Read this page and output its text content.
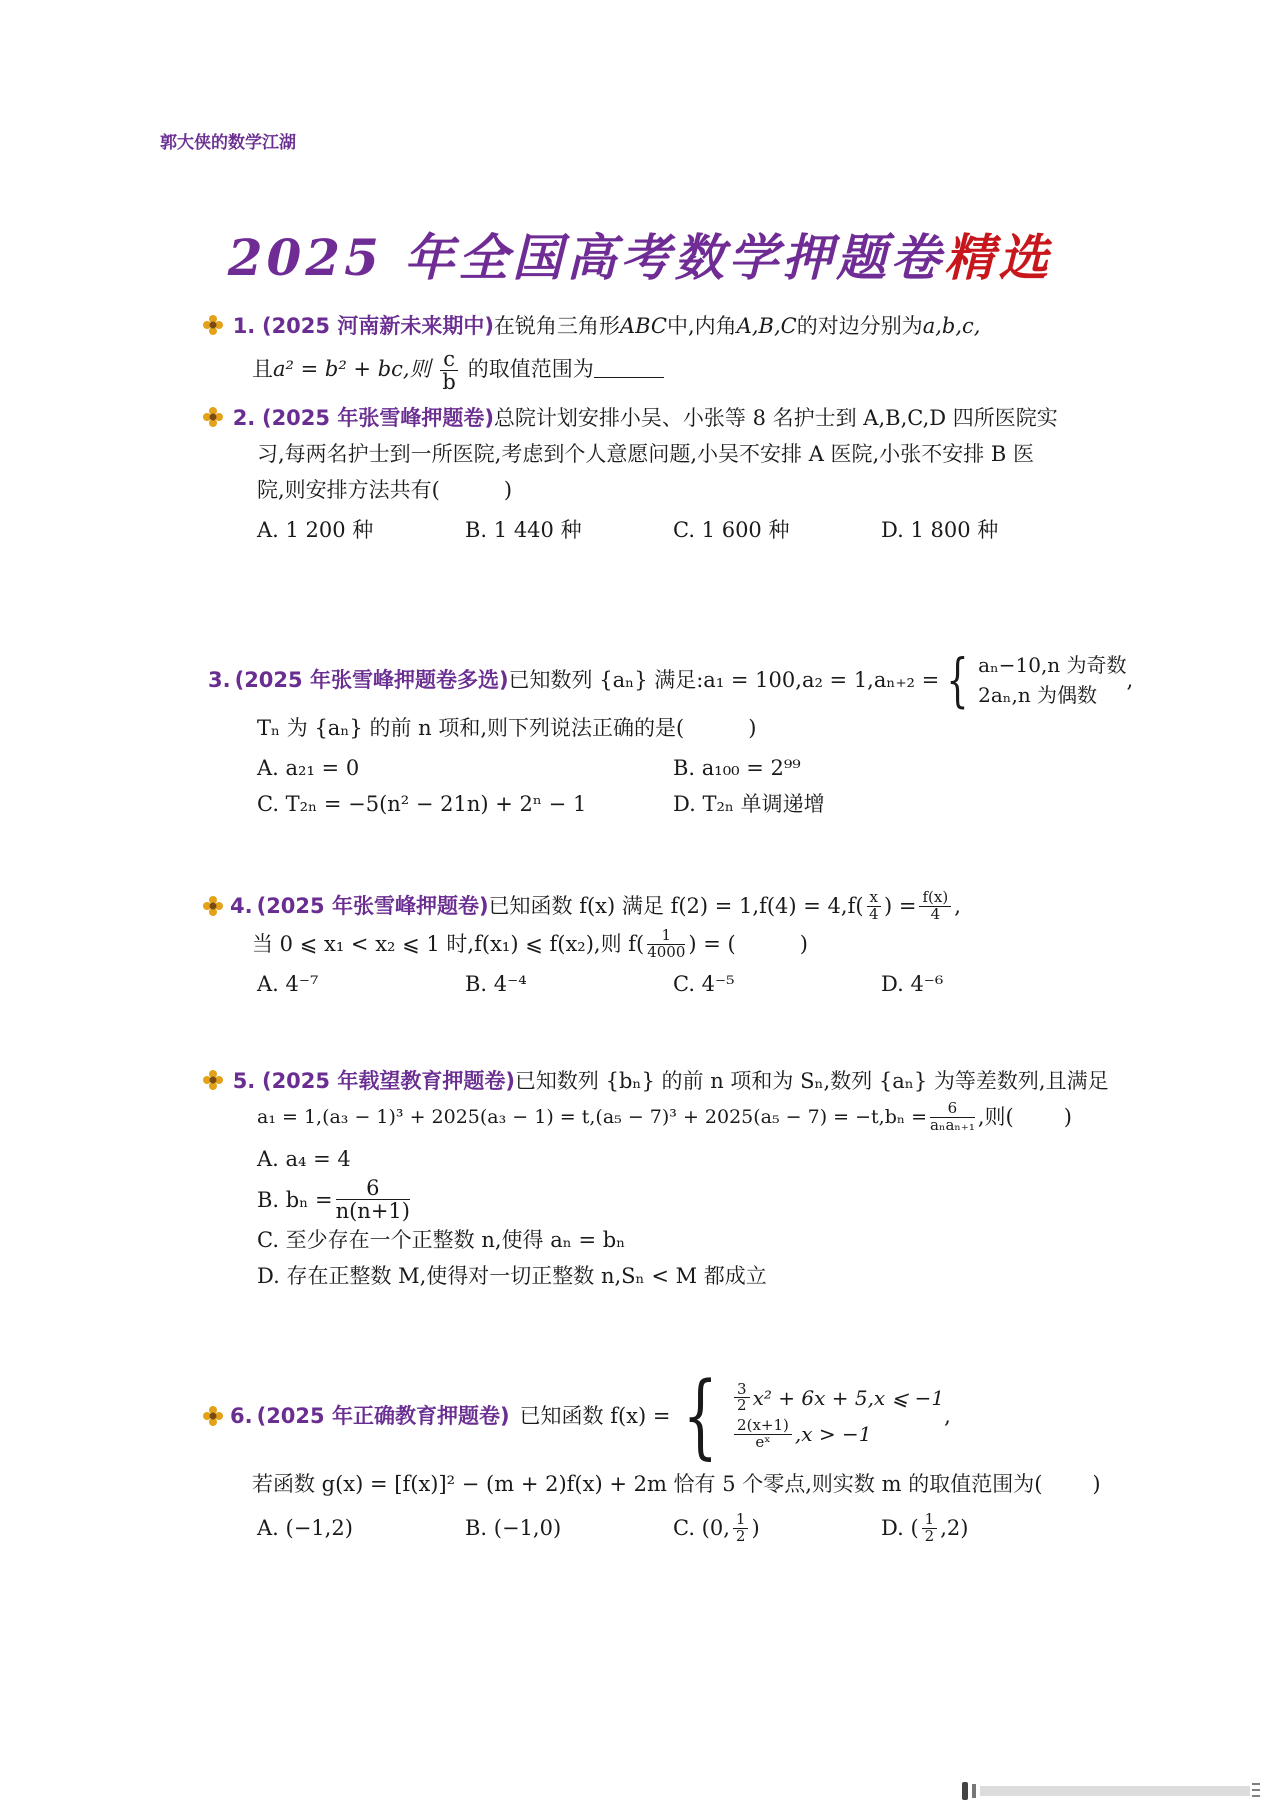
郭大侠的数学江湖
2025 年全国高考数学押题卷精选
1. (2025 河南新未来期中)在锐角三角形ABC中,内角A,B,C的对边分别为a,b,c,
且a² = b² + bc,则 $\frac{c}{b}$ 的取值范围为
2. (2025 年张雪峰押题卷)总院计划安排小吴、小张等 8 名护士到 A,B,C,D 四所医院实
习,每两名护士到一所医院,考虑到个人意愿问题,小吴不安排 A 医院,小张不安排 B 医
院,则安排方法共有(	)
A. 1 200 种	B. 1 440 种	C. 1 600 种	D. 1 800 种
3. (2025 年张雪峰押题卷多选) 已知数列 {aₙ} 满足:a₁ = 100,a₂ = 1,aₙ₊₂ = { aₙ−10,n 为奇数
2aₙ,n 为偶数
,
Tₙ 为 {aₙ} 的前 n 项和,则下列说法正确的是(	)
A. a₂₁ = 0	B. a₁₀₀ = 2⁹⁹
C. T₂ₙ = −5(n² − 21n) + 2ⁿ − 1	D. T₂ₙ 单调递增
4. (2025 年张雪峰押题卷) 已知函数 f(x) 满足 $f(2) = 1,f(4) = 4,f( \frac{x}{4}$ ) = $\frac{f(x)}{4}$ ,
当 0 ⩽ x₁ < x₂ ⩽ 1 时,f(x₁) ⩽ f(x₂),则 $f( \frac{1}{4000}$ ) = (	)
A. 4⁻⁷	B. 4⁻⁴	C. 4⁻⁵	D. 4⁻⁶
5. (2025 年载望教育押题卷)已知数列 {bₙ} 的前 n 项和为 Sₙ,数列 {aₙ} 为等差数列,且满足
$a_1 = 1,(a_3 - 1)^3 + 2025(a_3 - 1) = t,(a_5 - 7)^3 + 2025(a_5 - 7) = -t,b_n = \frac{6}{\text{aₙaₙ₊₁}}$ ,则( )
A. a₄ = 4
B. $b_n = \frac{6}{n(n+1)}$
C. 至少存在一个正整数 n,使得 aₙ = bₙ
D. 存在正整数 M,使得对一切正整数 n,Sₙ < M 都成立
6. (2025 年正确教育押题卷) 已知函数 f(x) = { $\frac{3}{2} x^2 + 6x + 5,x$ ⩽ −1
$\frac{2(x+1)}{\text{eˣ}} ,x > -1$
,
若函数 g(x) = [f(x)]² − (m + 2)f(x) + 2m 恰有 5 个零点,则实数 m 的取值范围为( )
A. (−1,2)	B. (−1,0)	C. (0, $\frac{1}{2}$ )	D. ( $\frac{1}{2} ,2$)
